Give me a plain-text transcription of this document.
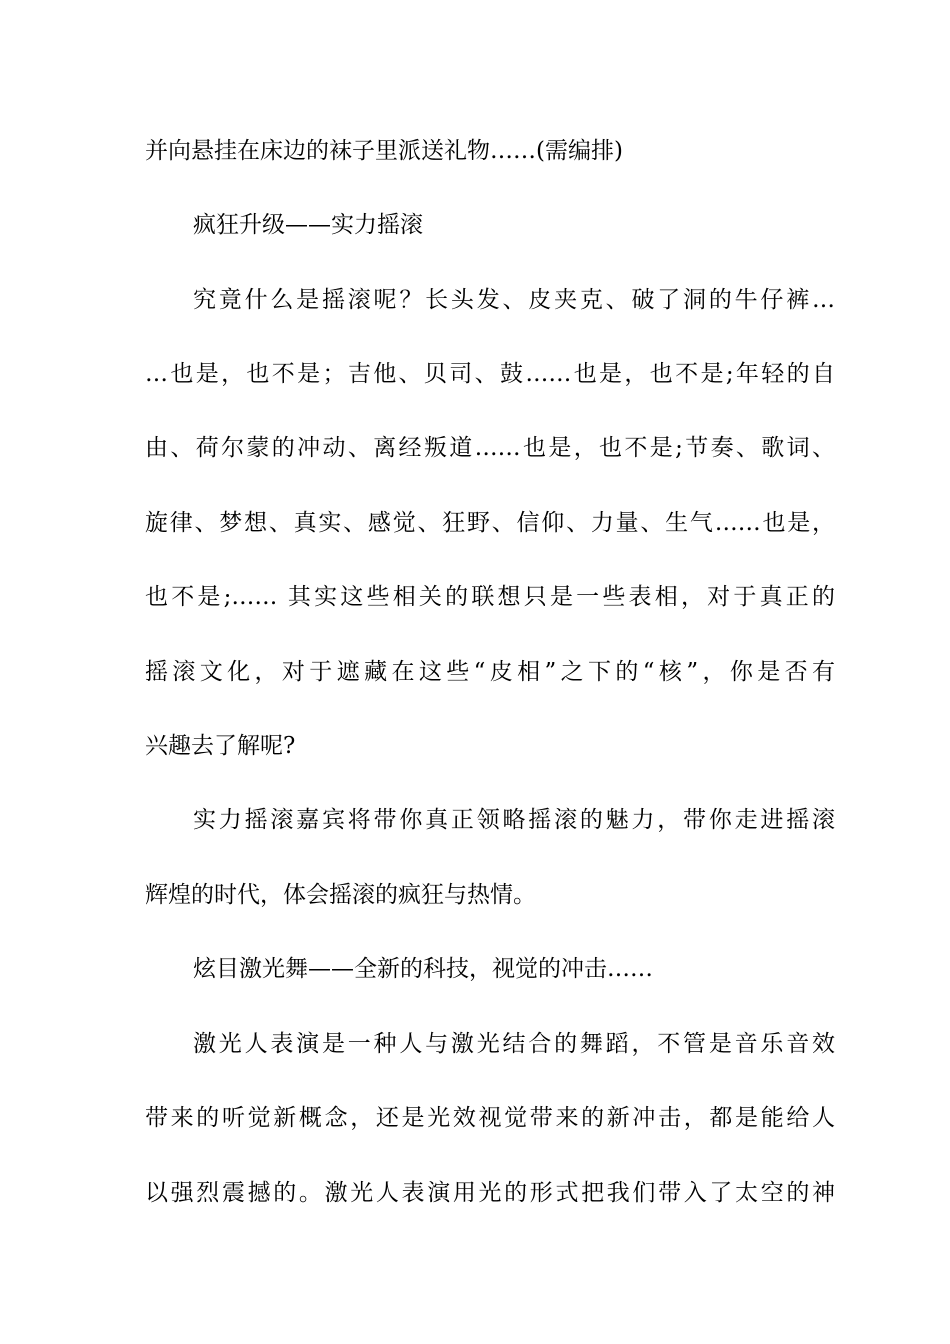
并向悬挂在床边的袜子里派送礼物……(需编排)
疯狂升级——实力摇滚
究竟什么是摇滚呢？长头发、皮夹克、破了洞的牛仔裤…
…也是，也不是；吉他、贝司、鼓……也是，也不是;年轻的自
由、荷尔蒙的冲动、离经叛道……也是，也不是;节奏、歌词、
旋律、梦想、真实、感觉、狂野、信仰、力量、生气……也是，
也不是;…… 其实这些相关的联想只是一些表相，对于真正的
摇滚文化，对于遮藏在这些“皮相”之下的“核”，你是否有
兴趣去了解呢?
实力摇滚嘉宾将带你真正领略摇滚的魅力，带你走进摇滚
辉煌的时代，体会摇滚的疯狂与热情。
炫目激光舞——全新的科技，视觉的冲击……
激光人表演是一种人与激光结合的舞蹈，不管是音乐音效
带来的听觉新概念，还是光效视觉带来的新冲击，都是能给人
以强烈震撼的。激光人表演用光的形式把我们带入了太空的神
